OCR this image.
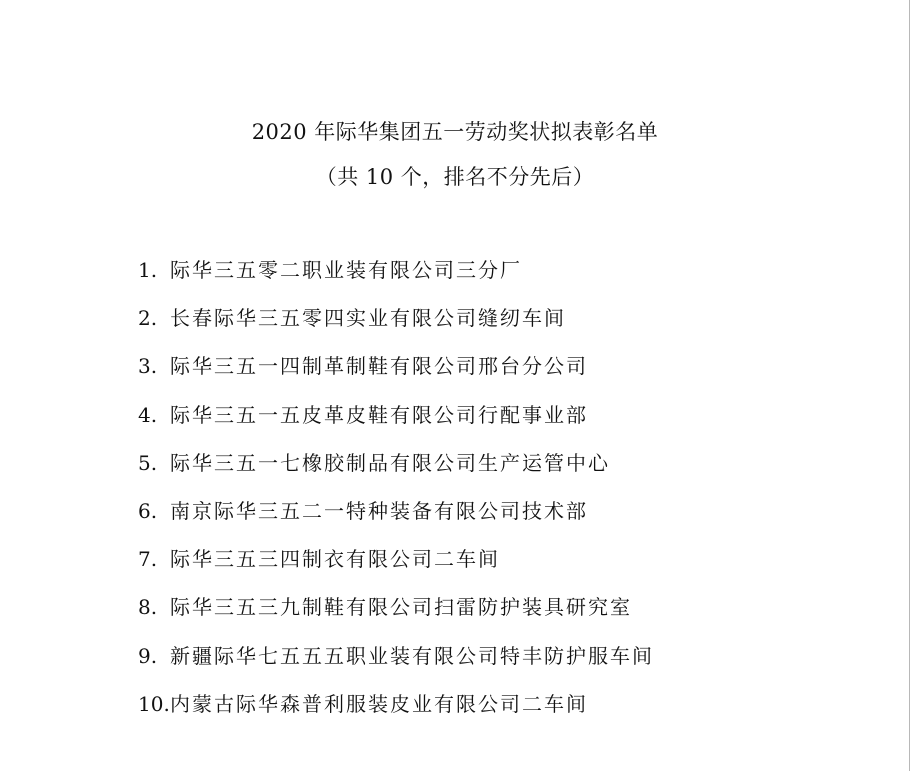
2020 年际华集团五一劳动奖状拟表彰名单
（共 10 个，排名不分先后）
1. 际华三五零二职业装有限公司三分厂
2. 长春际华三五零四实业有限公司缝纫车间
3. 际华三五一四制革制鞋有限公司邢台分公司
4. 际华三五一五皮革皮鞋有限公司行配事业部
5. 际华三五一七橡胶制品有限公司生产运管中心
6. 南京际华三五二一特种装备有限公司技术部
7. 际华三五三四制衣有限公司二车间
8. 际华三五三九制鞋有限公司扫雷防护装具研究室
9. 新疆际华七五五五职业装有限公司特丰防护服车间
10.内蒙古际华森普利服装皮业有限公司二车间
